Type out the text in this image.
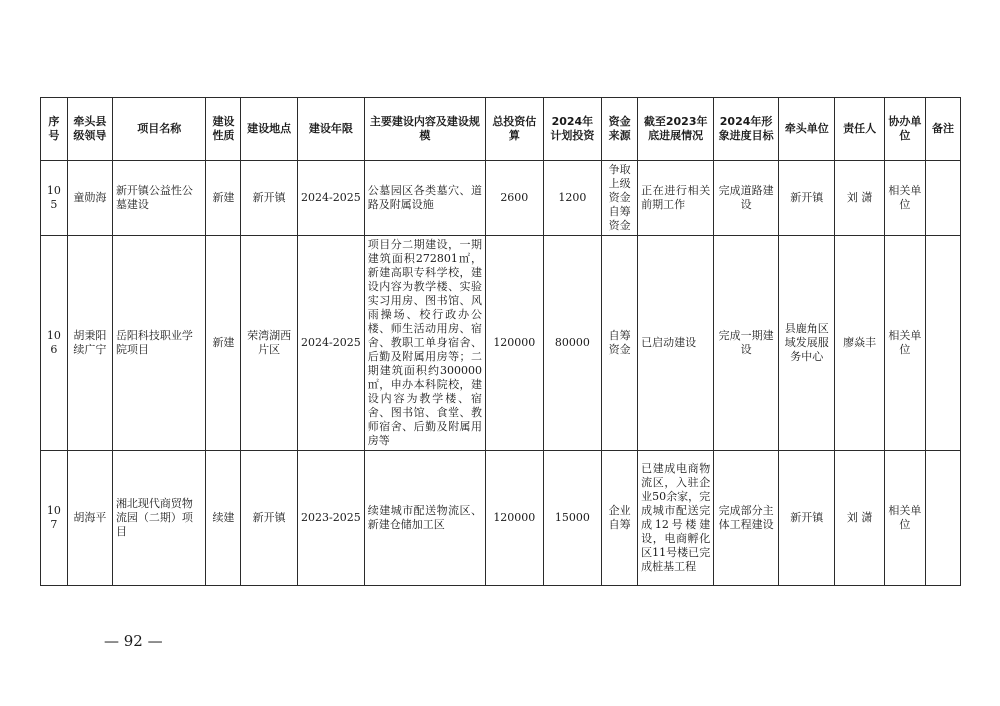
序号	牵头县级领导	项目名称	建设性质	建设地点	建设年限	主要建设内容及建设规模	总投资估算	2024年计划投资	资金来源	截至2023年底进展情况	2024年形象进度目标	牵头单位	责任人	协办单位	备注
105	童勋海	新开镇公益性公墓建设	新建	新开镇	2024-2025	公墓园区各类墓穴、道路及附属设施	2600	1200	争取上级资金自筹资金	正在进行相关前期工作	完成道路建设	新开镇	刘 潇	相关单位	
106	胡秉阳续广宁	岳阳科技职业学院项目	新建	荣湾湖西片区	2024-2025	项目分二期建设，一期建筑面积272801㎡，新建高职专科学校，建设内容为教学楼、实验实习用房、图书馆、风雨操场、校行政办公楼、师生活动用房、宿舍、教职工单身宿舍、后勤及附属用房等；二期建筑面积约300000㎡，申办本科院校，建设内容为教学楼、宿舍、图书馆、食堂、教师宿舍、后勤及附属用房等	120000	80000	自筹资金	已启动建设	完成一期建设	县鹿角区域发展服务中心	廖焱丰	相关单位	
107	胡海平	湘北现代商贸物流园（二期）项目	续建	新开镇	2023-2025	续建城市配送物流区、新建仓储加工区	120000	15000	企业自筹	已建成电商物流区，入驻企业50余家，完成城市配送完成12号楼建设，电商孵化区11号楼已完成桩基工程	完成部分主体工程建设	新开镇	刘 潇	相关单位	
— 92 —
